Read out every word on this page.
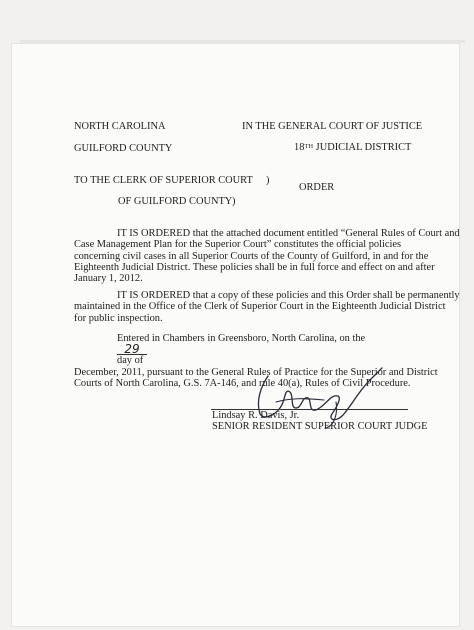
NORTH CAROLINA	IN THE GENERAL COURT OF JUSTICE
GUILFORD COUNTY	18TH JUDICIAL DISTRICT
TO THE CLERK OF SUPERIOR COURT )
ORDER
OF GUILFORD COUNTY )
IT IS ORDERED that the attached document entitled “General Rules of Court and
Case Management Plan for the Superior Court” constitutes the official policies
concerning civil cases in all Superior Courts of the County of Guilford, in and for the
Eighteenth Judicial District. These policies shall be in full force and effect on and after
January 1, 2012.
IT IS ORDERED that a copy of these policies and this Order shall be permanently
maintained in the Office of the Clerk of Superior Court in the Eighteenth Judicial District
for public inspection.
Entered in Chambers in Greensboro, North Carolina, on the
29
day of
December, 2011, pursuant to the General Rules of Practice for the Superior and District
Courts of North Carolina, G.S. 7A-146, and rule 40(a), Rules of Civil Procedure.
Lindsay R. Davis, Jr.
SENIOR RESIDENT SUPERIOR COURT JUDGE
